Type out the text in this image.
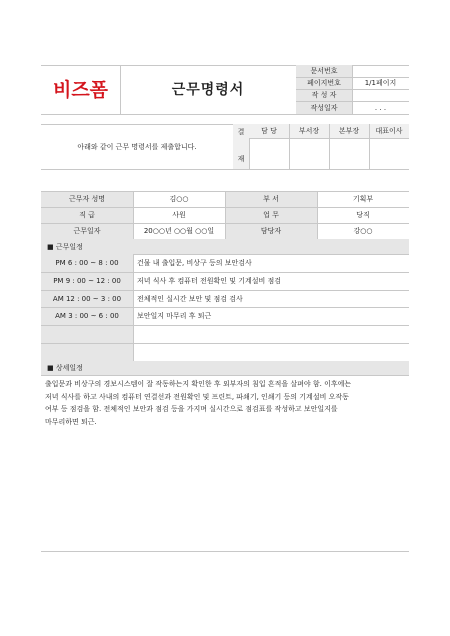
비즈폼	근무명령서
문서번호
페이지번호	1/1페이지
작 성 자
작성일자	. . .
아래와 같이 근무 명령서를 제출합니다.
결
재
담 당	부서장	본부장	대표이사
근무자 성명	김○○	부 서	기획부
직 급	사원	업 무	당직
근무일자	20○○년 ○○월 ○○일	담당자	강○○
■ 근무일정
PM 6 : 00 ~ 8 : 00	건물 내 출입문, 비상구 등의 보안검사
PM 9 : 00 ~ 12 : 00	저녁 식사 후 컴퓨터 전원확인 및 기계설비 점검
AM 12 : 00 ~ 3 : 00	전체적인 실시간 보안 및 점검 검사
AM 3 : 00 ~ 6 : 00	보안일지 마무리 후 퇴근
■ 상세일정
출입문과 비상구의 경보시스템이 잘 작동하는지 확인한 후 외부자의 침입 흔적을 살펴야 함. 이후에는
저녁 식사를 하고 사내의 컴퓨터 연결선과 전원확인 및 프린트, 파쇄기, 인쇄기 등의 기계설비 오작동
여부 등 점검을 함. 전체적인 보안과 점검 등을 가지며 실시간으로 점검표를 작성하고 보안일지를
마무리하면 퇴근.
